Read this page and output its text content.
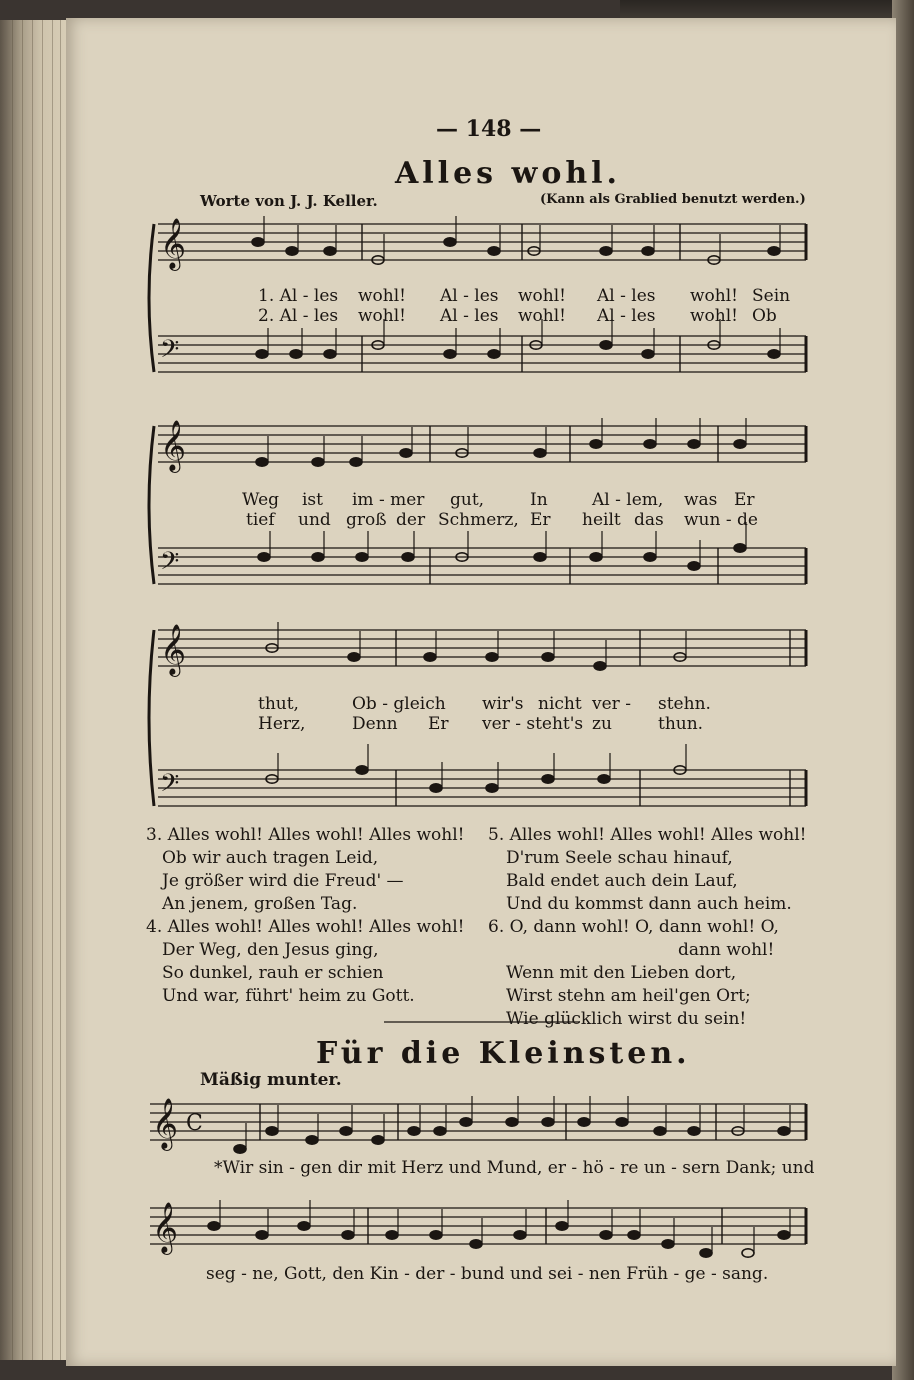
𝄞
𝄢
𝄞
𝄢
𝄞
𝄢
𝄞 C
𝄞
— 148 —
Alles wohl.
Worte von J. J. Keller.	(Kann als Grablied benutzt werden.)
1. Al - les wohl! Al - les wohl! Al - les wohl! Sein
2. Al - les wohl! Al - les wohl! Al - les wohl! Ob
Weg ist im - mer gut,	In	Al - lem, was Er
tief und groß der Schmerz, Er heilt das wun - de
thut,	Ob - gleich wir's nicht ver - stehn.
Herz,	Denn Er ver - steht's zu	thun.
3. Alles wohl! Alles wohl! Alles wohl!
Ob wir auch tragen Leid,
Je größer wird die Freud' —
An jenem, großen Tag.
5. Alles wohl! Alles wohl! Alles wohl!
D'rum Seele schau hinauf,
Bald endet auch dein Lauf,
Und du kommst dann auch heim.
4. Alles wohl! Alles wohl! Alles wohl!
Der Weg, den Jesus ging,
So dunkel, rauh er schien
Und war, führt' heim zu Gott.
6. O, dann wohl! O, dann wohl! O,
dann wohl!
Wenn mit den Lieben dort,
Wirst stehn am heil'gen Ort;
Wie glücklich wirst du sein!
Für die Kleinsten.
Mäßig munter.
*Wir sin - gen dir mit Herz und Mund, er - hö - re un - sern Dank; und
seg - ne, Gott, den Kin - der - bund und sei - nen Früh - ge - sang.
